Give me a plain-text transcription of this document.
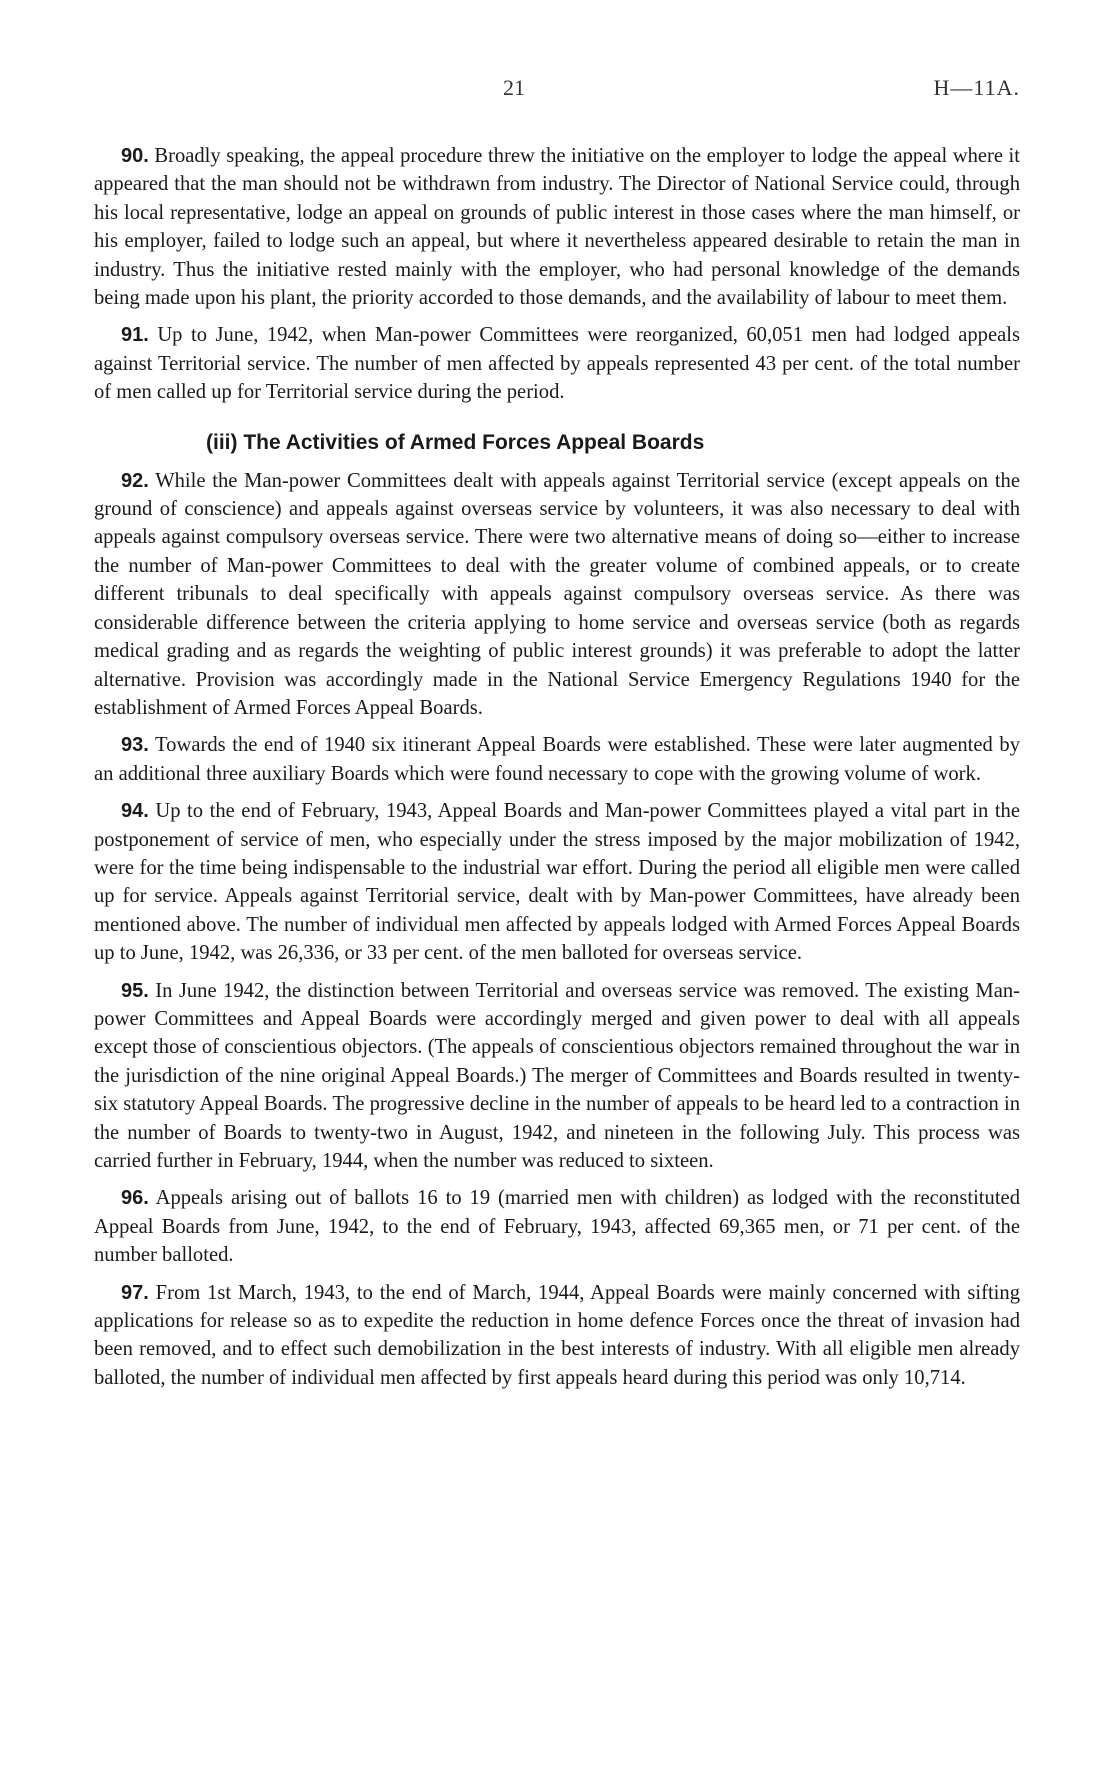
21	H—11A.

90. Broadly speaking, the appeal procedure threw the initiative on the employer to lodge the appeal where it appeared that the man should not be withdrawn from industry. The Director of National Service could, through his local representative, lodge an appeal on grounds of public interest in those cases where the man himself, or his employer, failed to lodge such an appeal, but where it nevertheless appeared desirable to retain the man in industry. Thus the initiative rested mainly with the employer, who had personal knowledge of the demands being made upon his plant, the priority accorded to those demands, and the availability of labour to meet them.

91. Up to June, 1942, when Man-power Committees were reorganized, 60,051 men had lodged appeals against Territorial service. The number of men affected by appeals represented 43 per cent. of the total number of men called up for Territorial service during the period.

(iii) The Activities of Armed Forces Appeal Boards

92. While the Man-power Committees dealt with appeals against Territorial service (except appeals on the ground of conscience) and appeals against overseas service by volunteers, it was also necessary to deal with appeals against compulsory overseas service. There were two alternative means of doing so—either to increase the number of Man-power Committees to deal with the greater volume of combined appeals, or to create different tribunals to deal specifically with appeals against compulsory overseas service. As there was considerable difference between the criteria applying to home service and overseas service (both as regards medical grading and as regards the weighting of public interest grounds) it was preferable to adopt the latter alternative. Provision was accordingly made in the National Service Emergency Regulations 1940 for the establishment of Armed Forces Appeal Boards.

93. Towards the end of 1940 six itinerant Appeal Boards were established. These were later augmented by an additional three auxiliary Boards which were found necessary to cope with the growing volume of work.

94. Up to the end of February, 1943, Appeal Boards and Man-power Committees played a vital part in the postponement of service of men, who especially under the stress imposed by the major mobilization of 1942, were for the time being indispensable to the industrial war effort. During the period all eligible men were called up for service. Appeals against Territorial service, dealt with by Man-power Committees, have already been mentioned above. The number of individual men affected by appeals lodged with Armed Forces Appeal Boards up to June, 1942, was 26,336, or 33 per cent. of the men balloted for overseas service.

95. In June 1942, the distinction between Territorial and overseas service was removed. The existing Man-power Committees and Appeal Boards were accordingly merged and given power to deal with all appeals except those of conscientious objectors. (The appeals of conscientious objectors remained throughout the war in the jurisdiction of the nine original Appeal Boards.) The merger of Committees and Boards resulted in twenty-six statutory Appeal Boards. The progressive decline in the number of appeals to be heard led to a contraction in the number of Boards to twenty-two in August, 1942, and nineteen in the following July. This process was carried further in February, 1944, when the number was reduced to sixteen.

96. Appeals arising out of ballots 16 to 19 (married men with children) as lodged with the reconstituted Appeal Boards from June, 1942, to the end of February, 1943, affected 69,365 men, or 71 per cent. of the number balloted.

97. From 1st March, 1943, to the end of March, 1944, Appeal Boards were mainly concerned with sifting applications for release so as to expedite the reduction in home defence Forces once the threat of invasion had been removed, and to effect such demobilization in the best interests of industry. With all eligible men already balloted, the number of individual men affected by first appeals heard during this period was only 10,714.
